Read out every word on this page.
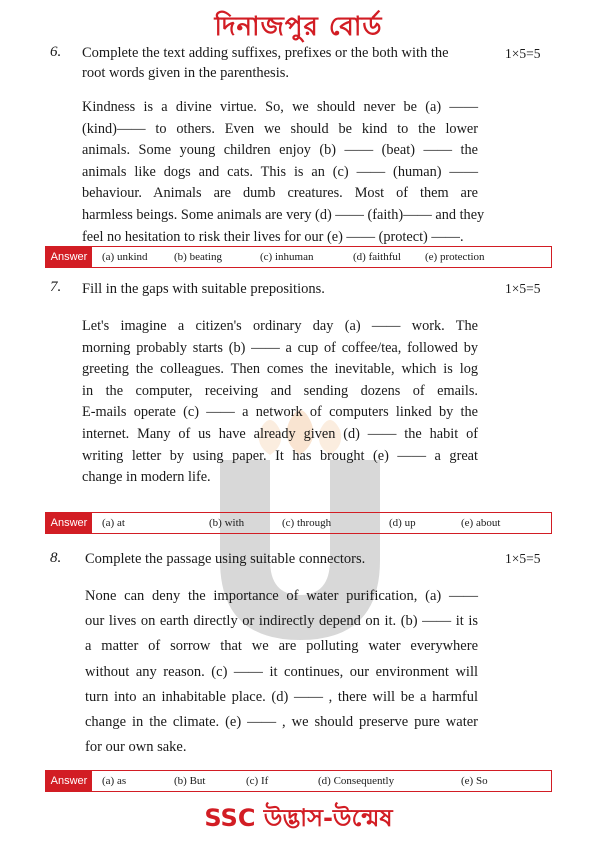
দিনাজপুর বোর্ড
6. Complete the text adding suffixes, prefixes or the both with the
root words given in the parenthesis.
1×5=5
Kindness is a divine virtue. So, we should never be (a) ——
(kind)—— to others. Even we should be kind to the lower
animals. Some young children enjoy (b) —— (beat) —— the
animals like dogs and cats. This is an (c) —— (human) ——
behaviour. Animals are dumb creatures. Most of them are
harmless beings. Some animals are very (d) —— (faith)—— and they
feel no hesitation to risk their lives for our (e) —— (protect) ——.
Answer	(a) unkind (b) beating	(c) inhuman	(d) faithful (e) protection
7. Fill in the gaps with suitable prepositions.	1×5=5
Let's imagine a citizen's ordinary day (a) —— work. The
morning probably starts (b) —— a cup of coffee/tea, followed by
greeting the colleagues. Then comes the inevitable, which is log
in the computer, receiving and sending dozens of emails.
E-mails operate (c) —— a network of computers linked by the
internet. Many of us have already given (d) —— the habit of
writing letter by using paper. It has brought (e) —— a great
change in modern life.
Answer	(a) at	(b) with	(c) through	(d) up	(e) about
8. Complete the passage using suitable connectors.	1×5=5
None can deny the importance of water purification, (a) ——
our lives on earth directly or indirectly depend on it. (b) —— it is
a matter of sorrow that we are polluting water everywhere
without any reason. (c) —— it continues, our environment will
turn into an inhabitable place. (d) —— , there will be a harmful
change in the climate. (e) —— , we should preserve pure water
for our own sake.
Answer	(a) as	(b) But	(c) If	(d) Consequently	(e) So
SSC উদ্ভাস-উন্মেষ
